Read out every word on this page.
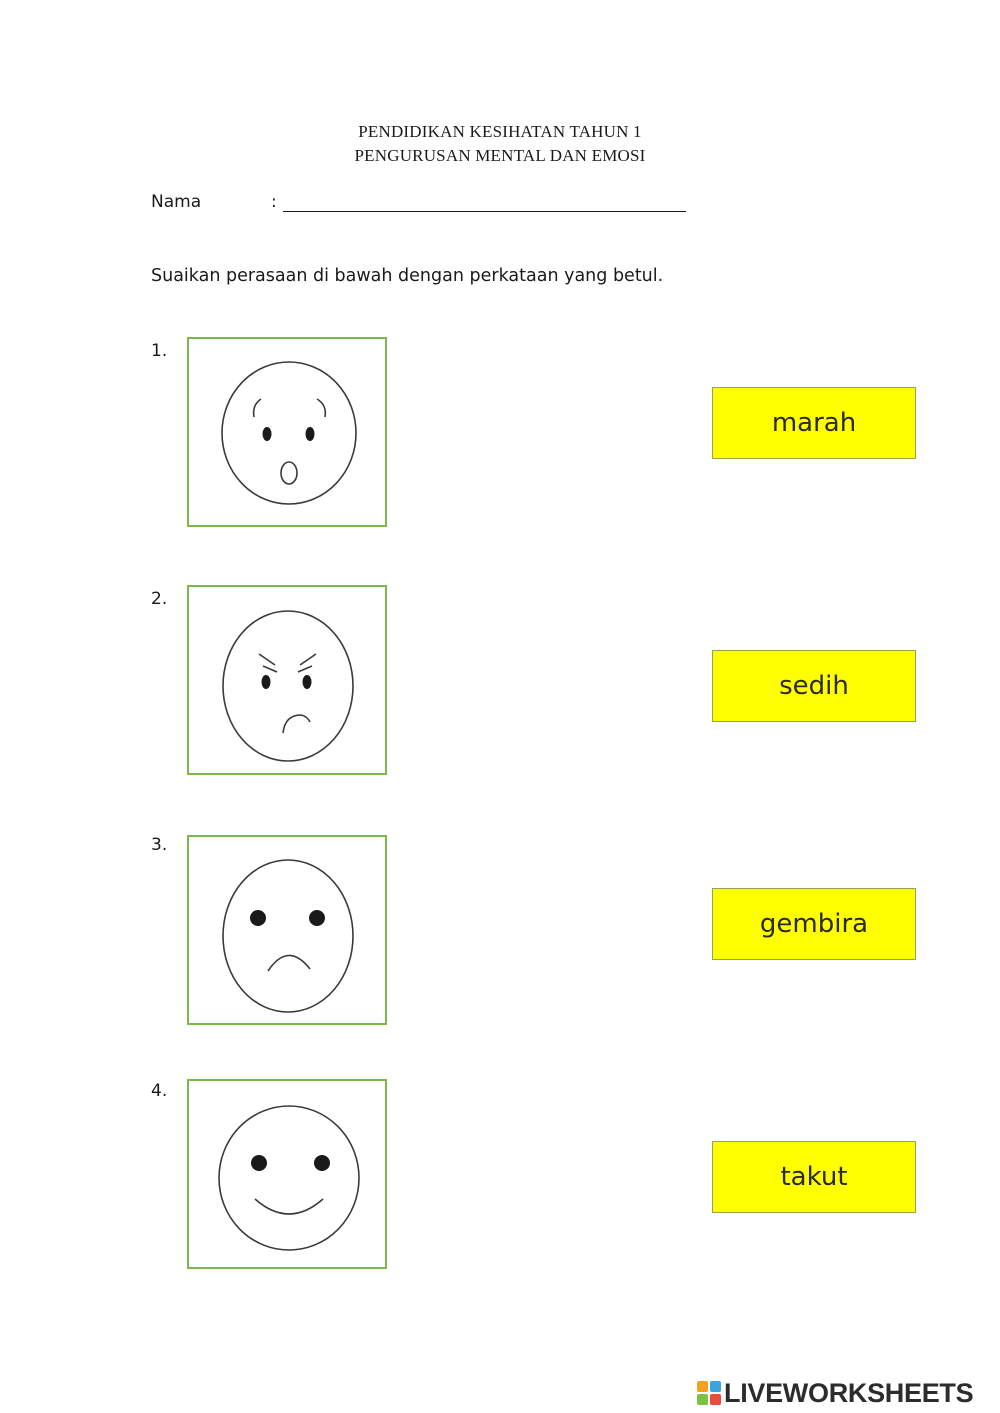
PENDIDIKAN KESIHATAN TAHUN 1
PENGURUSAN MENTAL DAN EMOSI
Nama	:
Suaikan perasaan di bawah dengan perkataan yang betul.
1.
marah
2.
sedih
3.
gembira
4.
takut
LIVEWORKSHEETS
